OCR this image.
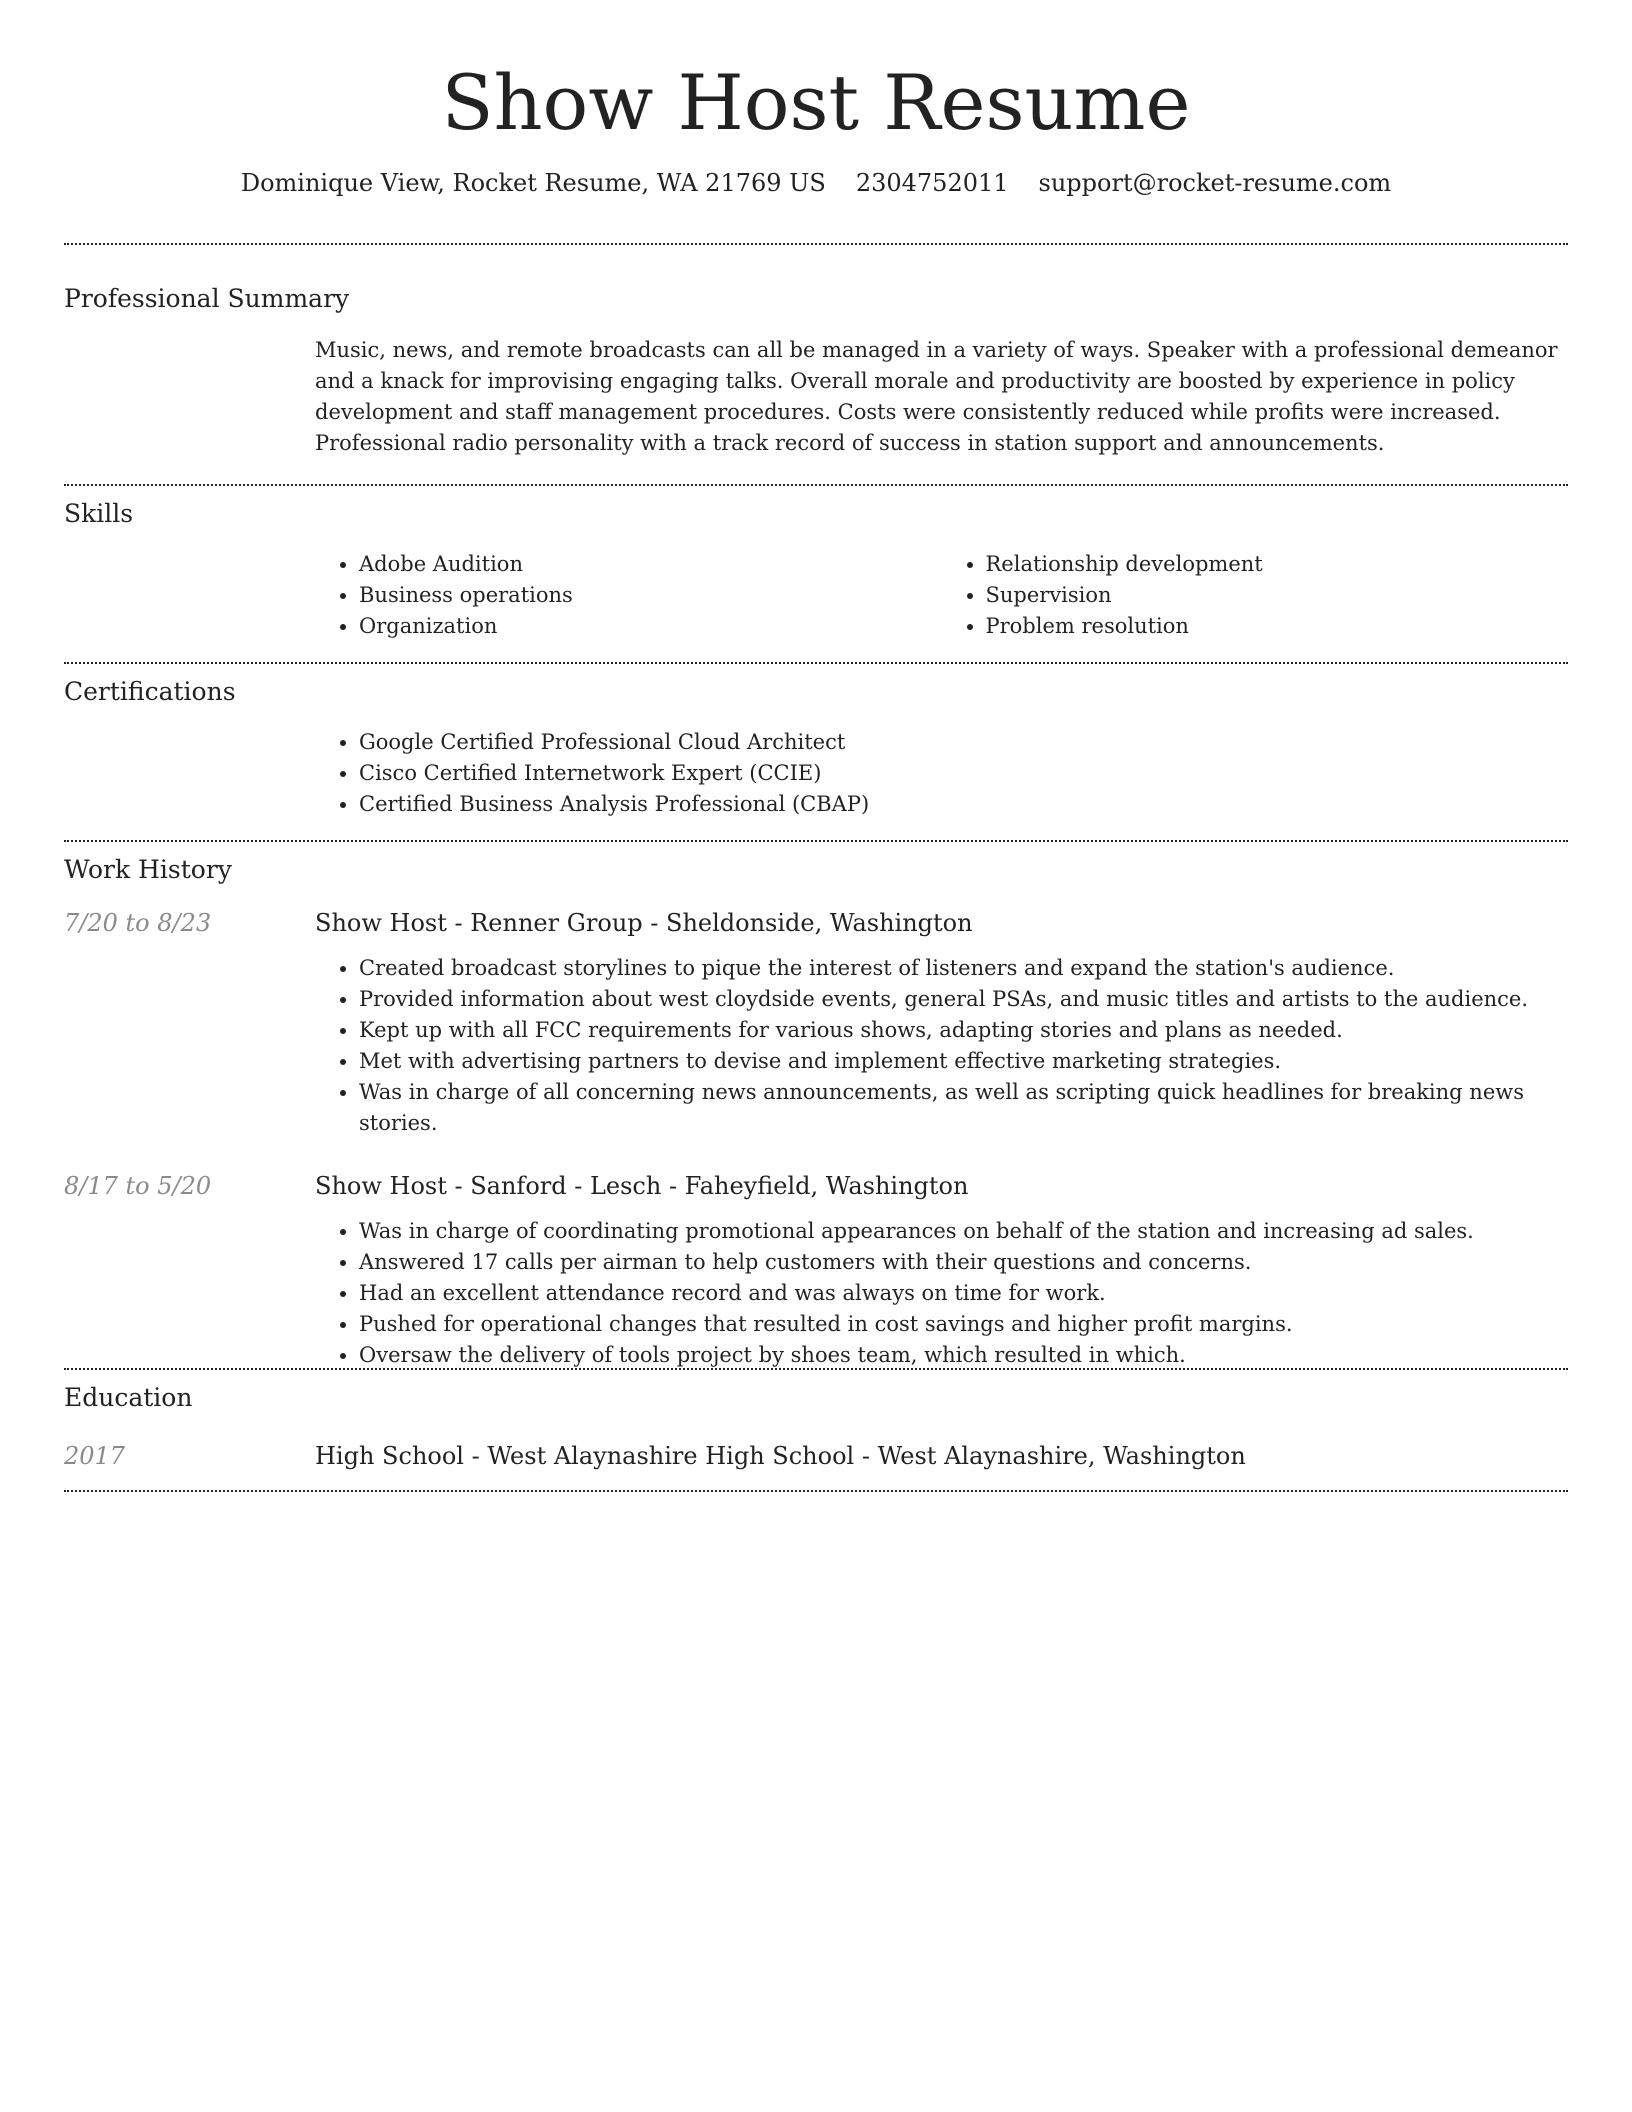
Show Host Resume
Dominique View, Rocket Resume, WA 21769 US 2304752011 support@rocket-resume.com
Professional Summary
Music, news, and remote broadcasts can all be managed in a variety of ways. Speaker with a professional demeanor and a knack for improvising engaging talks. Overall morale and productivity are boosted by experience in policy development and staff management procedures. Costs were consistently reduced while profits were increased. Professional radio personality with a track record of success in station support and announcements.
Skills
• Adobe Audition
• Business operations
• Organization
• Relationship development
• Supervision
• Problem resolution
Certifications
• Google Certified Professional Cloud Architect
• Cisco Certified Internetwork Expert (CCIE)
• Certified Business Analysis Professional (CBAP)
Work History
7/20 to 8/23	Show Host - Renner Group - Sheldonside, Washington
• Created broadcast storylines to pique the interest of listeners and expand the station's audience.
• Provided information about west cloydside events, general PSAs, and music titles and artists to the audience.
• Kept up with all FCC requirements for various shows, adapting stories and plans as needed.
• Met with advertising partners to devise and implement effective marketing strategies.
• Was in charge of all concerning news announcements, as well as scripting quick headlines for breaking news stories.
8/17 to 5/20	Show Host - Sanford - Lesch - Faheyfield, Washington
• Was in charge of coordinating promotional appearances on behalf of the station and increasing ad sales.
• Answered 17 calls per airman to help customers with their questions and concerns.
• Had an excellent attendance record and was always on time for work.
• Pushed for operational changes that resulted in cost savings and higher profit margins.
• Oversaw the delivery of tools project by shoes team, which resulted in which.
Education
2017	High School - West Alaynashire High School - West Alaynashire, Washington
